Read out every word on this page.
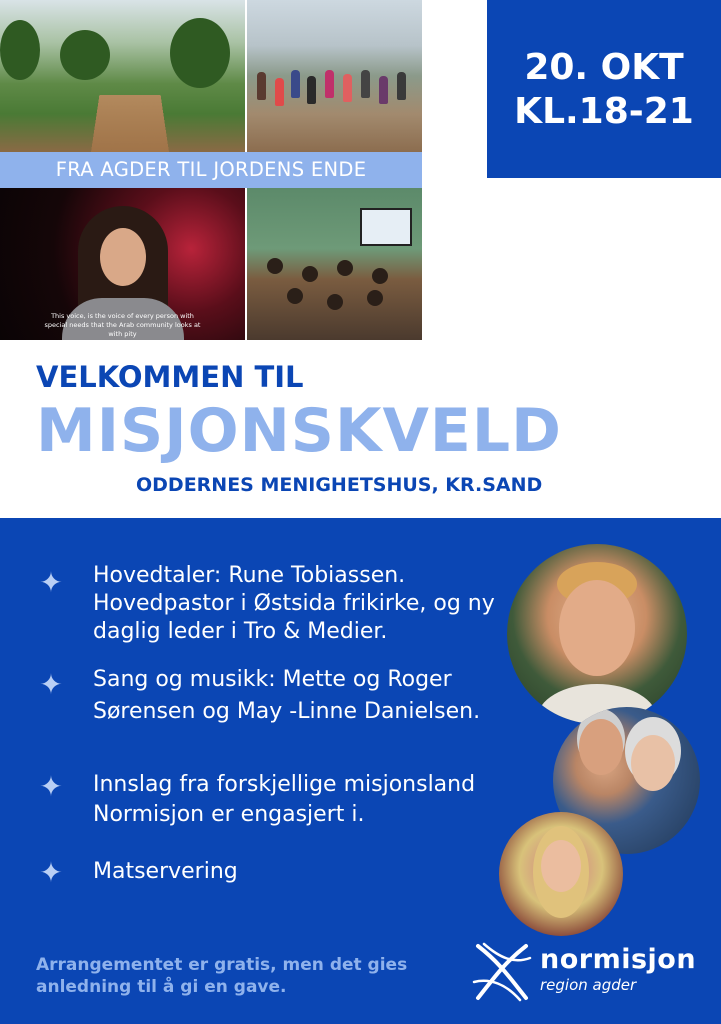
FRA AGDER TIL JORDENS ENDE
This voice, is the voice of every person with special needs that the Arab community looks at with pity
20. OKT
KL.18-21
VELKOMMEN TIL
MISJONSKVELD

ODDERNES MENIGHETSHUS, KR.SAND

✦ Hovedtaler: Rune Tobiassen. Hovedpastor i Østsida frikirke, og ny daglig leder i Tro & Medier.
✦ Sang og musikk: Mette og Roger Sørensen og May -Linne Danielsen.
✦ Innslag fra forskjellige misjonsland Normisjon er engasjert i.
✦ Matservering

Arrangementet er gratis, men det gies anledning til å gi en gave.

normisjon
region agder
